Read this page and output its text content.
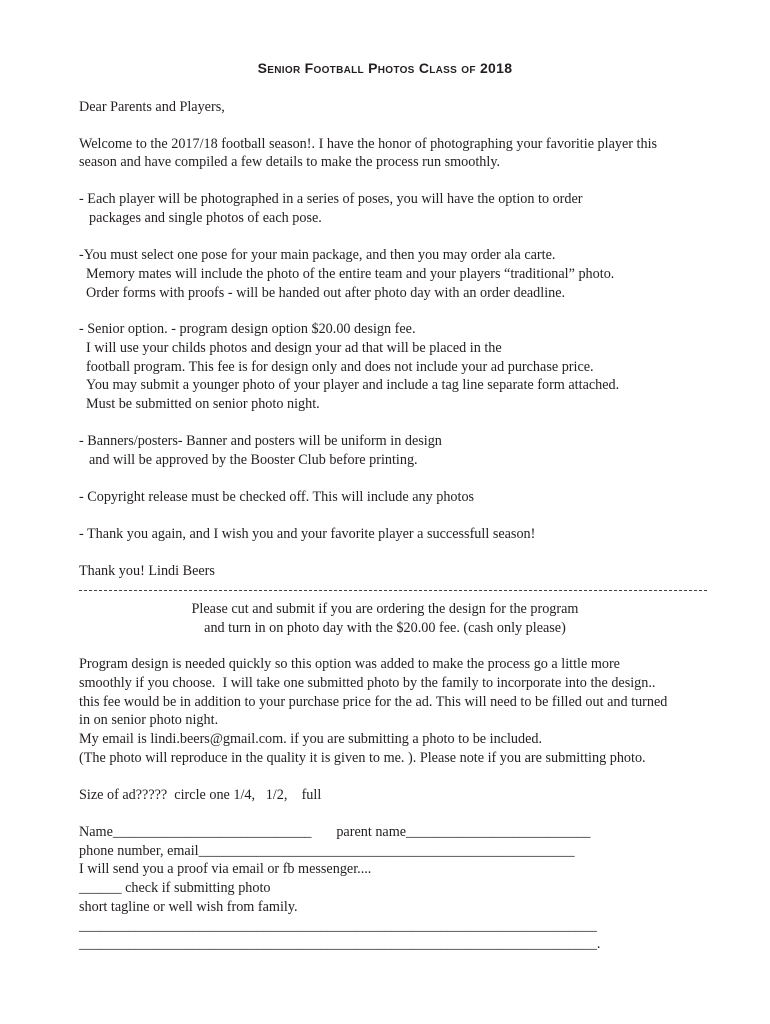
Senior Football Photos Class of 2018
Dear Parents and Players,
Welcome to the 2017/18 football season!. I have the honor of photographing your favoritie player this
season and have compiled a few details to make the process run smoothly.
- Each player will be photographed in a series of poses, you will have the option to order
packages and single photos of each pose.
-You must select one pose for your main package, and then you may order ala carte.
Memory mates will include the photo of the entire team and your players “traditional” photo.
Order forms with proofs - will be handed out after photo day with an order deadline.
- Senior option. - program design option $20.00 design fee.
I will use your childs photos and design your ad that will be placed in the
football program. This fee is for design only and does not include your ad purchase price.
You may submit a younger photo of your player and include a tag line separate form attached.
Must be submitted on senior photo night.
- Banners/posters- Banner and posters will be uniform in design
and will be approved by the Booster Club before printing.
- Copyright release must be checked off. This will include any photos
- Thank you again, and I wish you and your favorite player a successfull season!
Thank you! Lindi Beers
Please cut and submit if you are ordering the design for the program
and turn in on photo day with the $20.00 fee. (cash only please)
Program design is needed quickly so this option was added to make the process go a little more
smoothly if you choose.  I will take one submitted photo by the family to incorporate into the design..
this fee would be in addition to your purchase price for the ad. This will need to be filled out and turned
in on senior photo night.
My email is lindi.beers@gmail.com. if you are submitting a photo to be included.
(The photo will reproduce in the quality it is given to me. ). Please note if you are submitting photo.
Size of ad?????  circle one 1/4,   1/2,    full
Name____________________________       parent name__________________________
phone number, email_____________________________________________________
I will send you a proof via email or fb messenger....
______ check if submitting photo
short tagline or well wish from family.
_________________________________________________________________________
_________________________________________________________________________.
